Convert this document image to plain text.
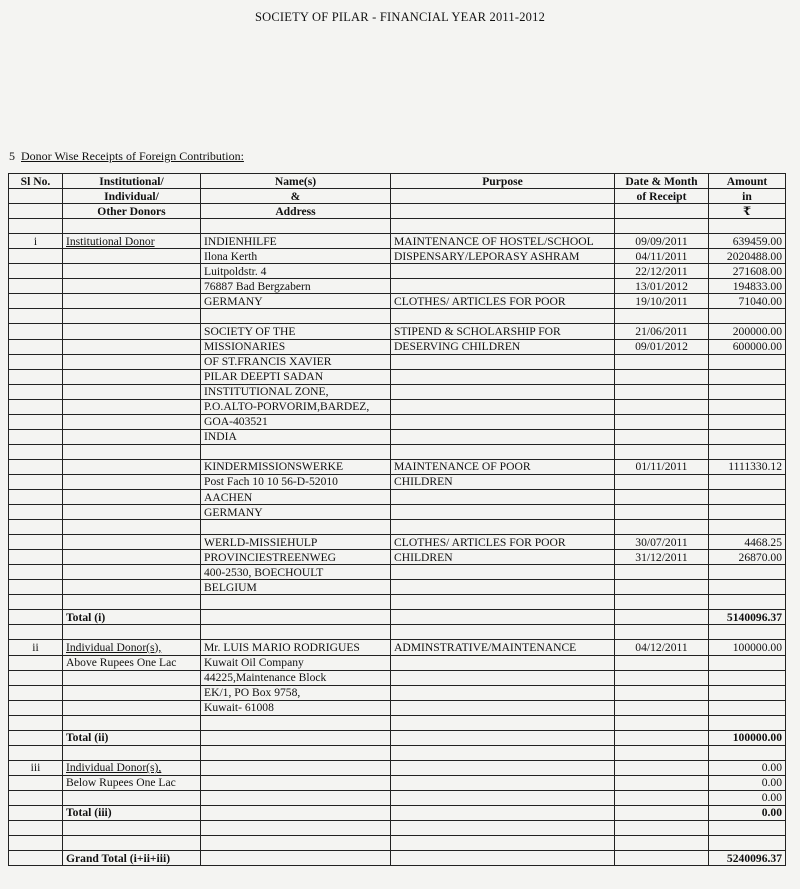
SOCIETY OF PILAR - FINANCIAL YEAR 2011-2012
5 Donor Wise Receipts of Foreign Contribution:
Sl No.	Institutional/	Name(s)	Purpose	Date & Month	Amount
	Individual/	&		of Receipt	in
	Other Donors	Address			₹

i	Institutional Donor	INDIENHILFE	MAINTENANCE OF HOSTEL/SCHOOL	09/09/2011	639459.00
		Ilona Kerth	DISPENSARY/LEPORASY ASHRAM	04/11/2011	2020488.00
		Luitpoldstr. 4		22/12/2011	271608.00
		76887 Bad Bergzabern		13/01/2012	194833.00
		GERMANY	CLOTHES/ ARTICLES FOR POOR	19/10/2011	71040.00

		SOCIETY OF THE	STIPEND & SCHOLARSHIP FOR	21/06/2011	200000.00
		MISSIONARIES	DESERVING CHILDREN	09/01/2012	600000.00
		OF ST.FRANCIS XAVIER			
		PILAR DEEPTI SADAN			
		INSTITUTIONAL ZONE,			
		P.O.ALTO-PORVORIM,BARDEZ,			
		GOA-403521			
		INDIA			

		KINDERMISSIONSWERKE	MAINTENANCE OF POOR	01/11/2011	1111330.12
		Post Fach 10 10 56-D-52010	CHILDREN		
		AACHEN			
		GERMANY			

		WERLD-MISSIEHULP	CLOTHES/ ARTICLES FOR POOR	30/07/2011	4468.25
		PROVINCIESTREENWEG	CHILDREN	31/12/2011	26870.00
		400-2530, BOECHOULT			
		BELGIUM			

	Total (i)				5140096.37

ii	Individual Donor(s),	Mr. LUIS MARIO RODRIGUES	ADMINSTRATIVE/MAINTENANCE	04/12/2011	100000.00
	Above Rupees One Lac	Kuwait Oil Company			
		44225,Maintenance Block			
		EK/1, PO Box 9758,			
		Kuwait- 61008			

	Total (ii)				100000.00

iii	Individual Donor(s),				0.00
	Below Rupees One Lac				0.00
					0.00
	Total (iii)				0.00

	Grand Total (i+ii+iii)				5240096.37
